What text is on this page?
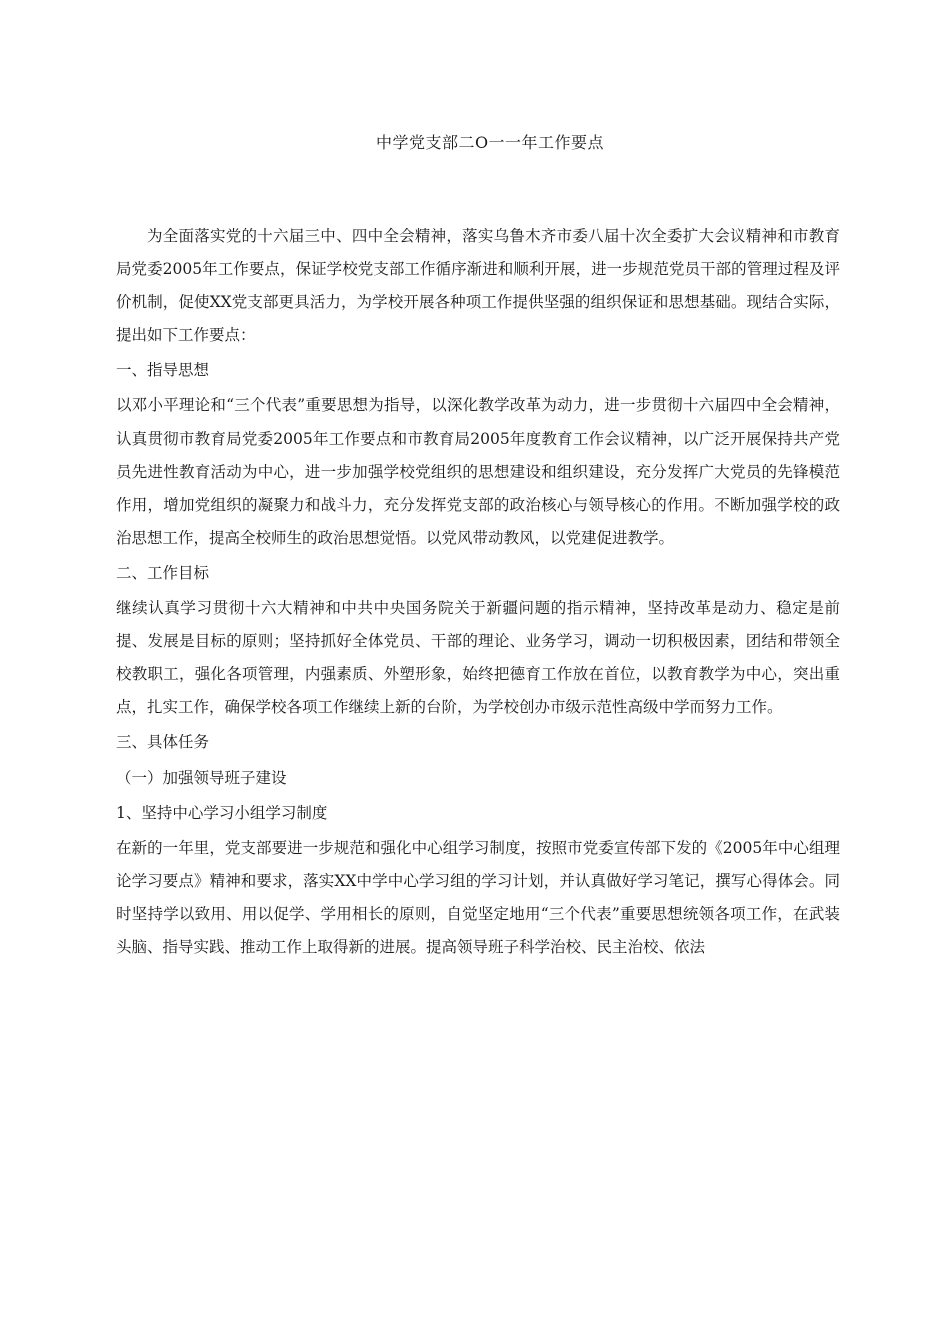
中学党支部二O一一年工作要点

为全面落实党的十六届三中、四中全会精神，落实乌鲁木齐市委八届十次全委扩大会议精神和市教育局党委2005年工作要点，保证学校党支部工作循序渐进和顺利开展，进一步规范党员干部的管理过程及评价机制，促使XX党支部更具活力，为学校开展各种项工作提供坚强的组织保证和思想基础。现结合实际，提出如下工作要点：

一、指导思想

以邓小平理论和“三个代表”重要思想为指导，以深化教学改革为动力，进一步贯彻十六届四中全会精神，认真贯彻市教育局党委2005年工作要点和市教育局2005年度教育工作会议精神，以广泛开展保持共产党员先进性教育活动为中心，进一步加强学校党组织的思想建设和组织建设，充分发挥广大党员的先锋模范作用，增加党组织的凝聚力和战斗力，充分发挥党支部的政治核心与领导核心的作用。不断加强学校的政治思想工作，提高全校师生的政治思想觉悟。以党风带动教风，以党建促进教学。

二、工作目标

继续认真学习贯彻十六大精神和中共中央国务院关于新疆问题的指示精神，坚持改革是动力、稳定是前提、发展是目标的原则；坚持抓好全体党员、干部的理论、业务学习，调动一切积极因素，团结和带领全校教职工，强化各项管理，内强素质、外塑形象，始终把德育工作放在首位，以教育教学为中心，突出重点，扎实工作，确保学校各项工作继续上新的台阶，为学校创办市级示范性高级中学而努力工作。

三、具体任务

（一）加强领导班子建设

1、坚持中心学习小组学习制度

在新的一年里，党支部要进一步规范和强化中心组学习制度，按照市党委宣传部下发的《2005年中心组理论学习要点》精神和要求，落实XX中学中心学习组的学习计划，并认真做好学习笔记，撰写心得体会。同时坚持学以致用、用以促学、学用相长的原则，自觉坚定地用“三个代表”重要思想统领各项工作，在武装头脑、指导实践、推动工作上取得新的进展。提高领导班子科学治校、民主治校、依法
